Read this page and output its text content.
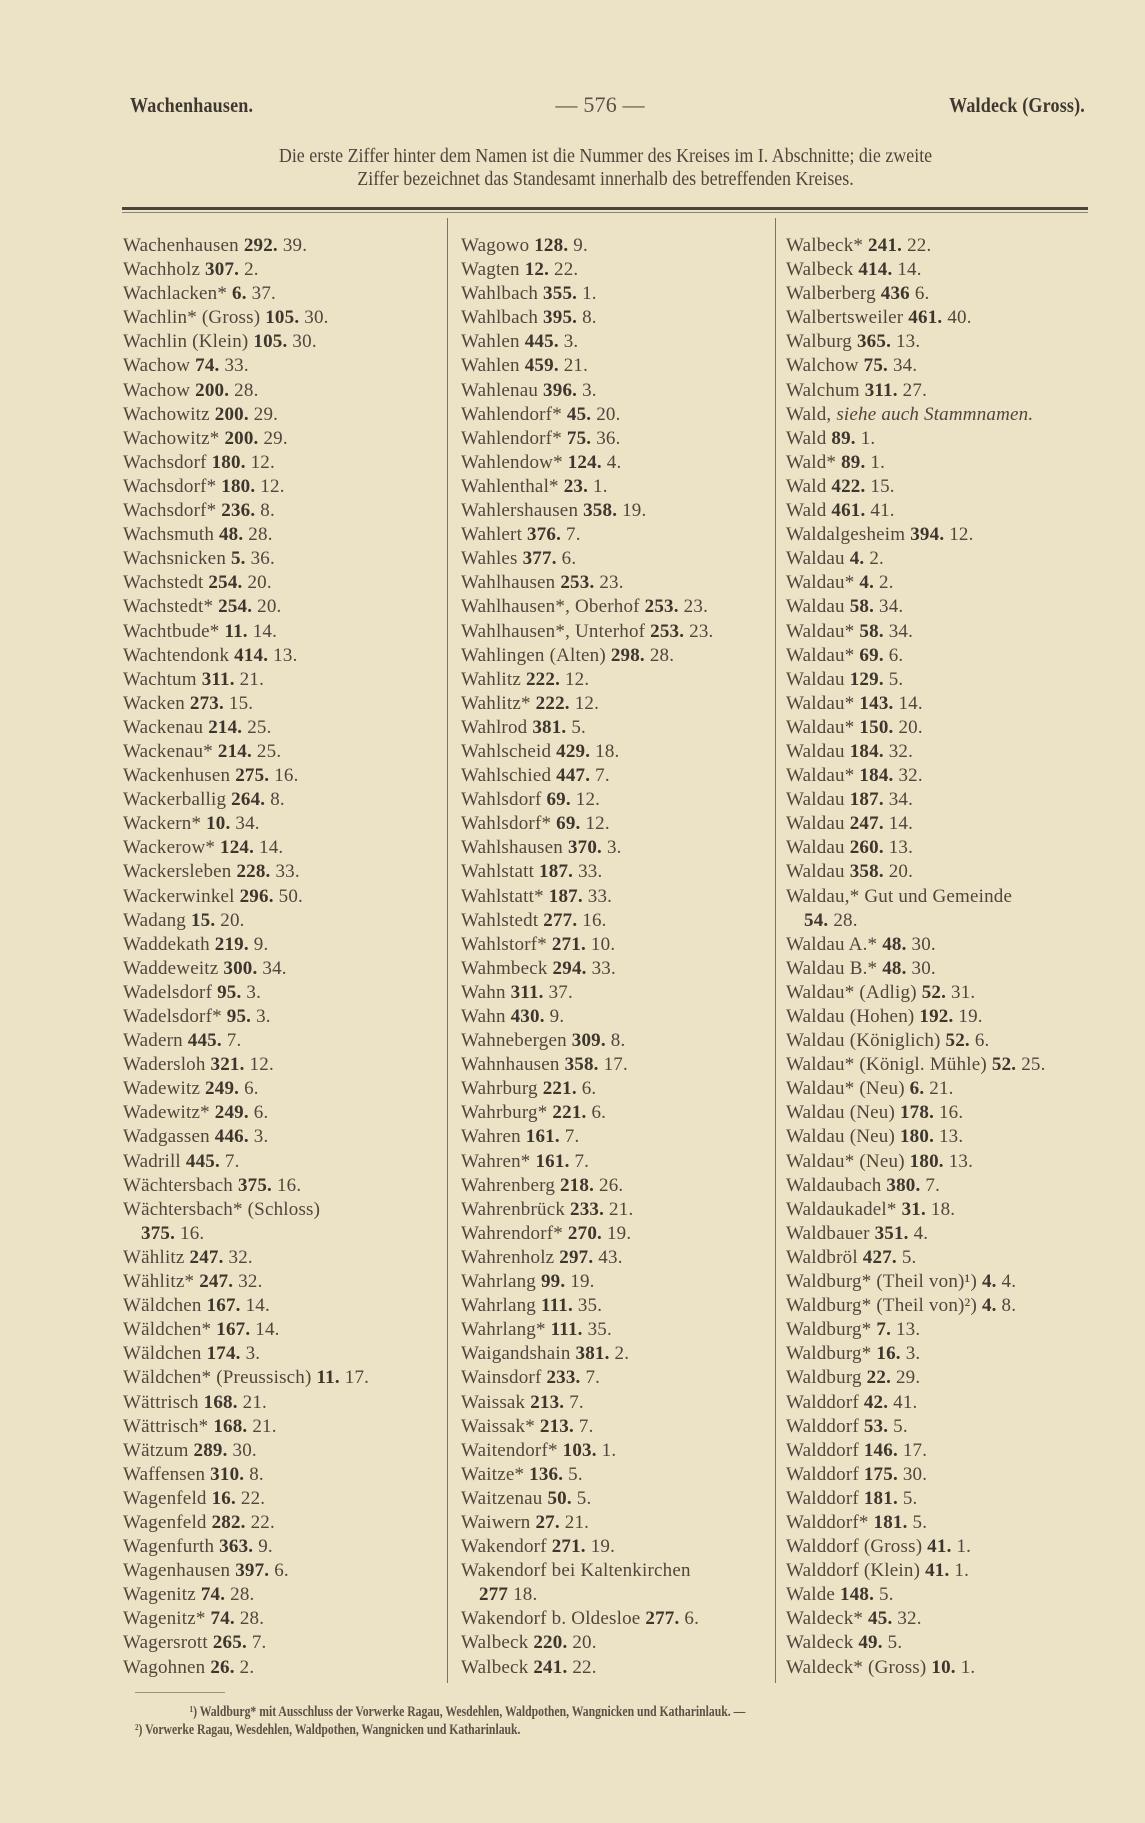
Wachenhausen.	— 576 —	Waldeck (Gross).
Die erste Ziffer hinter dem Namen ist die Nummer des Kreises im I. Abschnitte; die zweite
Ziffer bezeichnet das Standesamt innerhalb des betreffenden Kreises.
Wachenhausen 292. 39.
Wachholz 307. 2.
Wachlacken* 6. 37.
Wachlin* (Gross) 105. 30.
Wachlin (Klein) 105. 30.
Wachow 74. 33.
Wachow 200. 28.
Wachowitz 200. 29.
Wachowitz* 200. 29.
Wachsdorf 180. 12.
Wachsdorf* 180. 12.
Wachsdorf* 236. 8.
Wachsmuth 48. 28.
Wachsnicken 5. 36.
Wachstedt 254. 20.
Wachstedt* 254. 20.
Wachtbude* 11. 14.
Wachtendonk 414. 13.
Wachtum 311. 21.
Wacken 273. 15.
Wackenau 214. 25.
Wackenau* 214. 25.
Wackenhusen 275. 16.
Wackerballig 264. 8.
Wackern* 10. 34.
Wackerow* 124. 14.
Wackersleben 228. 33.
Wackerwinkel 296. 50.
Wadang 15. 20.
Waddekath 219. 9.
Waddeweitz 300. 34.
Wadelsdorf 95. 3.
Wadelsdorf* 95. 3.
Wadern 445. 7.
Wadersloh 321. 12.
Wadewitz 249. 6.
Wadewitz* 249. 6.
Wadgassen 446. 3.
Wadrill 445. 7.
Wächtersbach 375. 16.
Wächtersbach* (Schloss)
375. 16.
Wählitz 247. 32.
Wählitz* 247. 32.
Wäldchen 167. 14.
Wäldchen* 167. 14.
Wäldchen 174. 3.
Wäldchen* (Preussisch) 11. 17.
Wättrisch 168. 21.
Wättrisch* 168. 21.
Wätzum 289. 30.
Waffensen 310. 8.
Wagenfeld 16. 22.
Wagenfeld 282. 22.
Wagenfurth 363. 9.
Wagenhausen 397. 6.
Wagenitz 74. 28.
Wagenitz* 74. 28.
Wagersrott 265. 7.
Wagohnen 26. 2.
Wagowo 128. 9.
Wagten 12. 22.
Wahlbach 355. 1.
Wahlbach 395. 8.
Wahlen 445. 3.
Wahlen 459. 21.
Wahlenau 396. 3.
Wahlendorf* 45. 20.
Wahlendorf* 75. 36.
Wahlendow* 124. 4.
Wahlenthal* 23. 1.
Wahlershausen 358. 19.
Wahlert 376. 7.
Wahles 377. 6.
Wahlhausen 253. 23.
Wahlhausen*, Oberhof 253. 23.
Wahlhausen*, Unterhof 253. 23.
Wahlingen (Alten) 298. 28.
Wahlitz 222. 12.
Wahlitz* 222. 12.
Wahlrod 381. 5.
Wahlscheid 429. 18.
Wahlschied 447. 7.
Wahlsdorf 69. 12.
Wahlsdorf* 69. 12.
Wahlshausen 370. 3.
Wahlstatt 187. 33.
Wahlstatt* 187. 33.
Wahlstedt 277. 16.
Wahlstorf* 271. 10.
Wahmbeck 294. 33.
Wahn 311. 37.
Wahn 430. 9.
Wahnebergen 309. 8.
Wahnhausen 358. 17.
Wahrburg 221. 6.
Wahrburg* 221. 6.
Wahren 161. 7.
Wahren* 161. 7.
Wahrenberg 218. 26.
Wahrenbrück 233. 21.
Wahrendorf* 270. 19.
Wahrenholz 297. 43.
Wahrlang 99. 19.
Wahrlang 111. 35.
Wahrlang* 111. 35.
Waigandshain 381. 2.
Wainsdorf 233. 7.
Waissak 213. 7.
Waissak* 213. 7.
Waitendorf* 103. 1.
Waitze* 136. 5.
Waitzenau 50. 5.
Waiwern 27. 21.
Wakendorf 271. 19.
Wakendorf bei Kaltenkirchen
277 18.
Wakendorf b. Oldesloe 277. 6.
Walbeck 220. 20.
Walbeck 241. 22.
Walbeck* 241. 22.
Walbeck 414. 14.
Walberberg 436 6.
Walbertsweiler 461. 40.
Walburg 365. 13.
Walchow 75. 34.
Walchum 311. 27.
Wald, siehe auch Stammnamen.
Wald 89. 1.
Wald* 89. 1.
Wald 422. 15.
Wald 461. 41.
Waldalgesheim 394. 12.
Waldau 4. 2.
Waldau* 4. 2.
Waldau 58. 34.
Waldau* 58. 34.
Waldau* 69. 6.
Waldau 129. 5.
Waldau* 143. 14.
Waldau* 150. 20.
Waldau 184. 32.
Waldau* 184. 32.
Waldau 187. 34.
Waldau 247. 14.
Waldau 260. 13.
Waldau 358. 20.
Waldau,* Gut und Gemeinde
54. 28.
Waldau A.* 48. 30.
Waldau B.* 48. 30.
Waldau* (Adlig) 52. 31.
Waldau (Hohen) 192. 19.
Waldau (Königlich) 52. 6.
Waldau* (Königl. Mühle) 52. 25.
Waldau* (Neu) 6. 21.
Waldau (Neu) 178. 16.
Waldau (Neu) 180. 13.
Waldau* (Neu) 180. 13.
Waldaubach 380. 7.
Waldaukadel* 31. 18.
Waldbauer 351. 4.
Waldbröl 427. 5.
Waldburg* (Theil von)¹) 4. 4.
Waldburg* (Theil von)²) 4. 8.
Waldburg* 7. 13.
Waldburg* 16. 3.
Waldburg 22. 29.
Walddorf 42. 41.
Walddorf 53. 5.
Walddorf 146. 17.
Walddorf 175. 30.
Walddorf 181. 5.
Walddorf* 181. 5.
Walddorf (Gross) 41. 1.
Walddorf (Klein) 41. 1.
Walde 148. 5.
Waldeck* 45. 32.
Waldeck 49. 5.
Waldeck* (Gross) 10. 1.
¹) Waldburg* mit Ausschluss der Vorwerke Ragau, Wesdehlen, Waldpothen, Wangnicken und Katharinlauk. —
²) Vorwerke Ragau, Wesdehlen, Waldpothen, Wangnicken und Katharinlauk.
